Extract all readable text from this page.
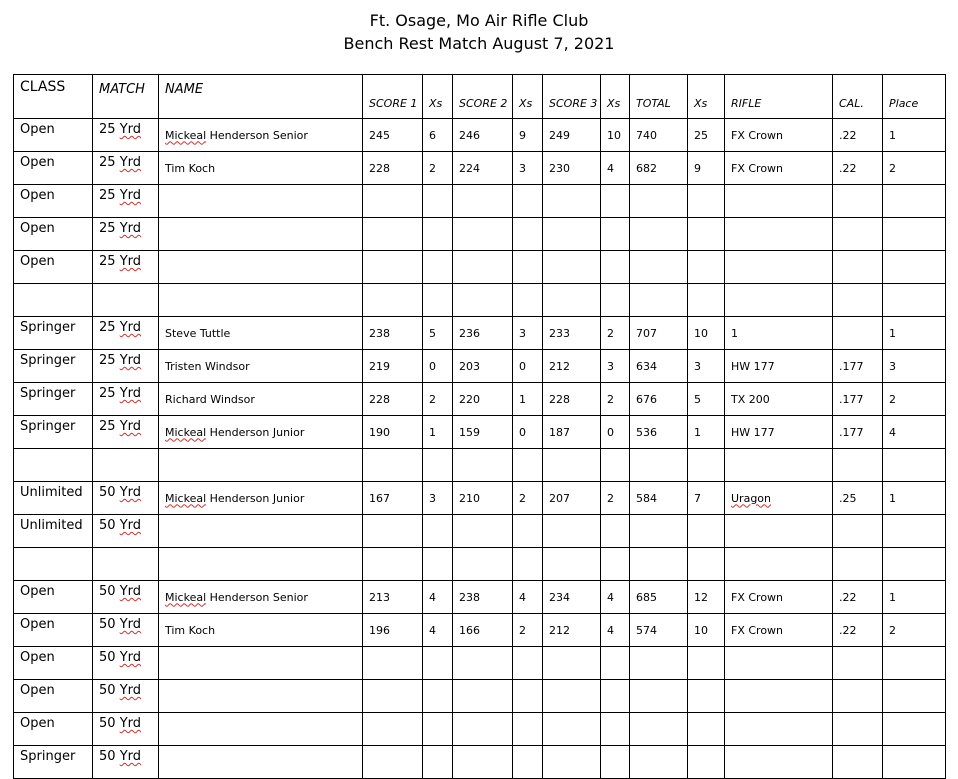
Ft. Osage, Mo Air Rifle Club
Bench Rest Match August 7, 2021
CLASS	MATCH	NAME	SCORE 1	Xs	SCORE 2	Xs	SCORE 3	Xs	TOTAL	Xs	RIFLE	CAL.	Place
Open	25 Yrd	Mickeal Henderson Senior	245	6	246	9	249	10	740	25	FX Crown	.22	1
Open	25 Yrd	Tim Koch	228	2	224	3	230	4	682	9	FX Crown	.22	2
Open	25 Yrd												
Open	25 Yrd												
Open	25 Yrd												

Springer	25 Yrd	Steve Tuttle	238	5	236	3	233	2	707	10	1		1
Springer	25 Yrd	Tristen Windsor	219	0	203	0	212	3	634	3	HW 177	.177	3
Springer	25 Yrd	Richard Windsor	228	2	220	1	228	2	676	5	TX 200	.177	2
Springer	25 Yrd	Mickeal Henderson Junior	190	1	159	0	187	0	536	1	HW 177	.177	4

Unlimited	50 Yrd	Mickeal Henderson Junior	167	3	210	2	207	2	584	7	Uragon	.25	1
Unlimited	50 Yrd												

Open	50 Yrd	Mickeal Henderson Senior	213	4	238	4	234	4	685	12	FX Crown	.22	1
Open	50 Yrd	Tim Koch	196	4	166	2	212	4	574	10	FX Crown	.22	2
Open	50 Yrd												
Open	50 Yrd												
Open	50 Yrd												
Springer	50 Yrd												
